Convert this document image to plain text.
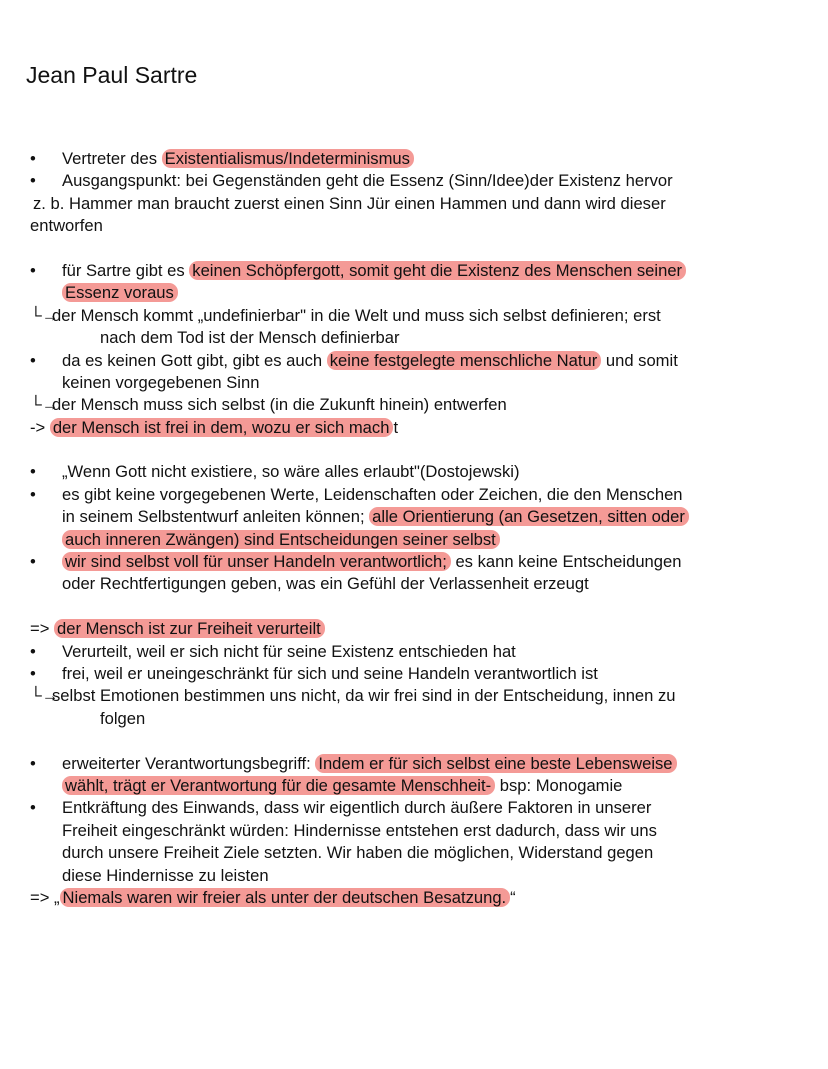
Jean Paul Sartre
• Vertreter des Existentialismus/Indeterminismus
• Ausgangspunkt: bei Gegenständen geht die Essenz (Sinn/Idee)der Existenz hervor
z. b. Hammer man braucht zuerst einen Sinn Jür einen Hammen und dann wird dieser
entworfen
• für Sartre gibt es keinen Schöpfergott, somit geht die Existenz des Menschen seiner
Essenz voraus
└→
der Mensch kommt „undefinierbar" in die Welt und muss sich selbst definieren; erst
nach dem Tod ist der Mensch definierbar
• da es keinen Gott gibt, gibt es auch keine festgelegte menschliche Natur und somit
keinen vorgegebenen Sinn
└→
der Mensch muss sich selbst (in die Zukunft hinein) entwerfen
-> der Mensch ist frei in dem, wozu er sich mach t
• „Wenn Gott nicht existiere, so wäre alles erlaubt"(Dostojewski)
• es gibt keine vorgegebenen Werte, Leidenschaften oder Zeichen, die den Menschen
in seinem Selbstentwurf anleiten können; alle Orientierung (an Gesetzen, sitten oder
auch inneren Zwängen) sind Entscheidungen seiner selbst
• wir sind selbst voll für unser Handeln verantwortlich; es kann keine Entscheidungen
oder Rechtfertigungen geben, was ein Gefühl der Verlassenheit erzeugt
=> der Mensch ist zur Freiheit verurteilt
• Verurteilt, weil er sich nicht für seine Existenz entschieden hat
• frei, weil er uneingeschränkt für sich und seine Handeln verantwortlich ist
└→
selbst Emotionen bestimmen uns nicht, da wir frei sind in der Entscheidung, innen zu
folgen
• erweiterter Verantwortungsbegriff: Indem er für sich selbst eine beste Lebensweise
wählt, trägt er Verantwortung für die gesamte Menschheit- bsp: Monogamie
• Entkräftung des Einwands, dass wir eigentlich durch äußere Faktoren in unserer
Freiheit eingeschränkt würden: Hindernisse entstehen erst dadurch, dass wir uns
durch unsere Freiheit Ziele setzten. Wir haben die möglichen, Widerstand gegen
diese Hindernisse zu leisten
=> „ Niemals waren wir freier als unter der deutschen Besatzung. “
